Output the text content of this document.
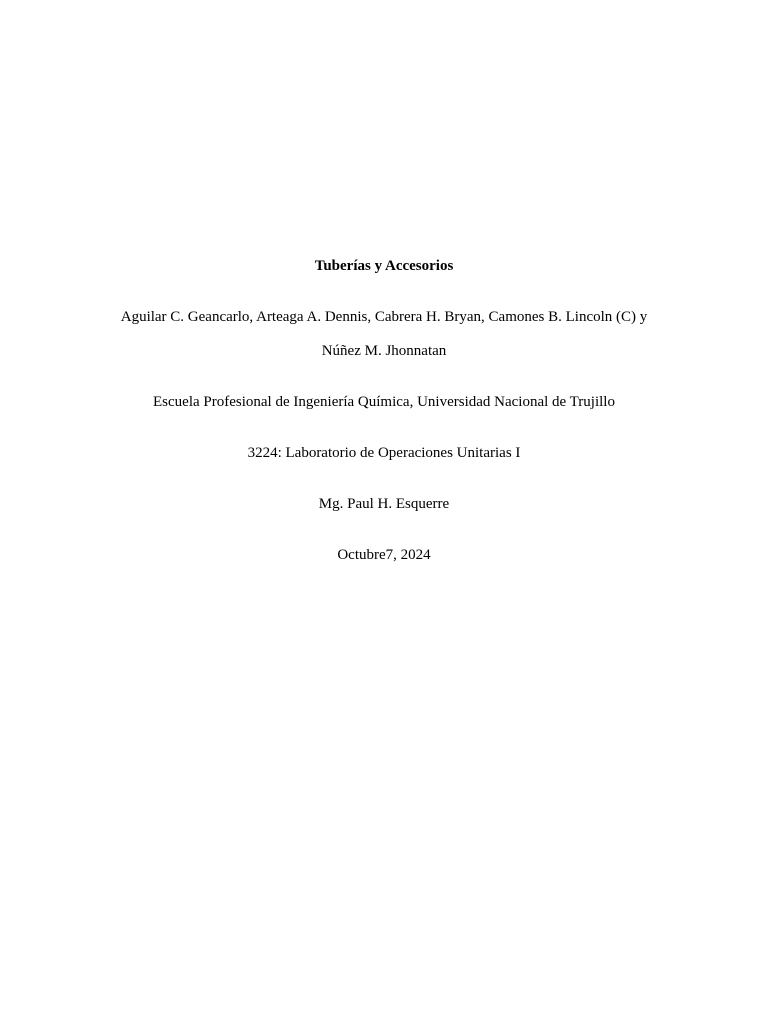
Tuberías y Accesorios
Aguilar C. Geancarlo, Arteaga A. Dennis, Cabrera H. Bryan, Camones B. Lincoln (C) y
Núñez M. Jhonnatan
Escuela Profesional de Ingeniería Química, Universidad Nacional de Trujillo
3224: Laboratorio de Operaciones Unitarias I
Mg. Paul H. Esquerre
Octubre7, 2024
